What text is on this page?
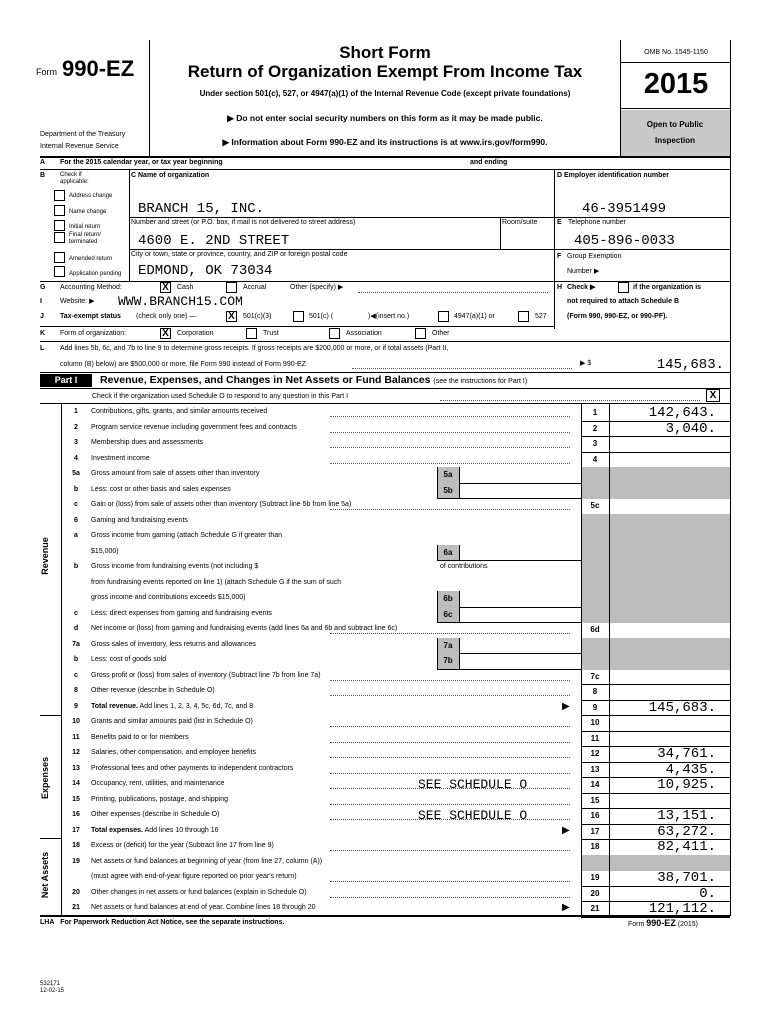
Form 990-EZ
Short Form
Return of Organization Exempt From Income Tax
Under section 501(c), 527, or 4947(a)(1) of the Internal Revenue Code (except private foundations)
▶ Do not enter social security numbers on this form as it may be made public.
▶ Information about Form 990-EZ and its instructions is at www.irs.gov/form990.
Department of the Treasury
Internal Revenue Service
OMB No. 1545-1150
2015
Open to Public
Inspection
A For the 2015 calendar year, or tax year beginning	and ending
B Check if
applicable:
Address change
Name change
Initial return
Final return/
terminated
Amended return
Application pending
C Name of organization
BRANCH 15, INC.
Number and street (or P.O. box, if mail is not delivered to street address)	Room/suite
4600 E. 2ND STREET
City or town, state or province, country, and ZIP or foreign postal code
EDMOND, OK 73034
D Employer identification number
46-3951499
E Telephone number
405-896-0033
F Group Exemption
Number ▶
G Accounting Method:	X	Cash	Accrual	Other (specify) ▶	H Check ▶	if the organization is
not required to attach Schedule B
(Form 990, 990-EZ, or 990-PF).
I	Website: ▶ WWW.BRANCH15.COM
J Tax-exempt status (check only one) —	X	501(c)(3)	501(c) (	)◀(insert no.)	4947(a)(1) or	527
K Form of organization:	X	Corporation	Trust	Association	Other
L Add lines 5b, 6c, and 7b to line 9 to determine gross receipts. If gross receipts are $200,000 or more, or if total assets (Part II,
column (B) below) are $500,000 or more, file Form 990 instead of Form 990-EZ	▶ $	145,683.
Part I	Revenue, Expenses, and Changes in Net Assets or Fund Balances (see the instructions for Part I)
Check if the organization used Schedule O to respond to any question in this Part I	X
Revenue
Expenses
Net Assets
1	Contributions, gifts, grants, and similar amounts received	1	142,643.
2	Program service revenue including government fees and contracts	2	3,040.
3	Membership dues and assessments	3
4	Investment income	4
5a	Gross amount from sale of assets other than inventory	5a
b	Less: cost or other basis and sales expenses	5b
c	Gain or (loss) from sale of assets other than inventory (Subtract line 5b from line 5a)	5c
6	Gaming and fundraising events
a	Gross income from gaming (attach Schedule G if greater than
$15,000)	6a
b	Gross income from fundraising events (not including $	of contributions
from fundraising events reported on line 1) (attach Schedule G if the sum of such
gross income and contributions exceeds $15,000)	6b
c	Less: direct expenses from gaming and fundraising events	6c
d	Net income or (loss) from gaming and fundraising events (add lines 6a and 6b and subtract line 6c)	6d
7a	Gross sales of inventory, less returns and allowances	7a
b	Less: cost of goods sold	7b
c	Gross profit or (loss) from sales of inventory (Subtract line 7b from line 7a)	7c
8	Other revenue (describe in Schedule O)	8
9	Total revenue. Add lines 1, 2, 3, 4, 5c, 6d, 7c, and 8	▶	9	145,683.
10	Grants and similar amounts paid (list in Schedule O)	10
11	Benefits paid to or for members	11
12	Salaries, other compensation, and employee benefits	12	34,761.
13	Professional fees and other payments to independent contractors	13	4,435.
14	Occupancy, rent, utilities, and maintenance	SEE SCHEDULE O	14	10,925.
15	Printing, publications, postage, and shipping	15
16	Other expenses (describe in Schedule O)	SEE SCHEDULE O	16	13,151.
17	Total expenses. Add lines 10 through 16	▶	17	63,272.
18	Excess or (deficit) for the year (Subtract line 17 from line 9)	18	82,411.
19	Net assets or fund balances at beginning of year (from line 27, column (A))
(must agree with end-of-year figure reported on prior year's return)	19	38,701.
20	Other changes in net assets or fund balances (explain in Schedule O)	20	0.
21	Net assets or fund balances at end of year. Combine lines 18 through 20	▶	21	121,112.
LHA For Paperwork Reduction Act Notice, see the separate instructions.	Form 990-EZ (2015)
532171
12-02-15
